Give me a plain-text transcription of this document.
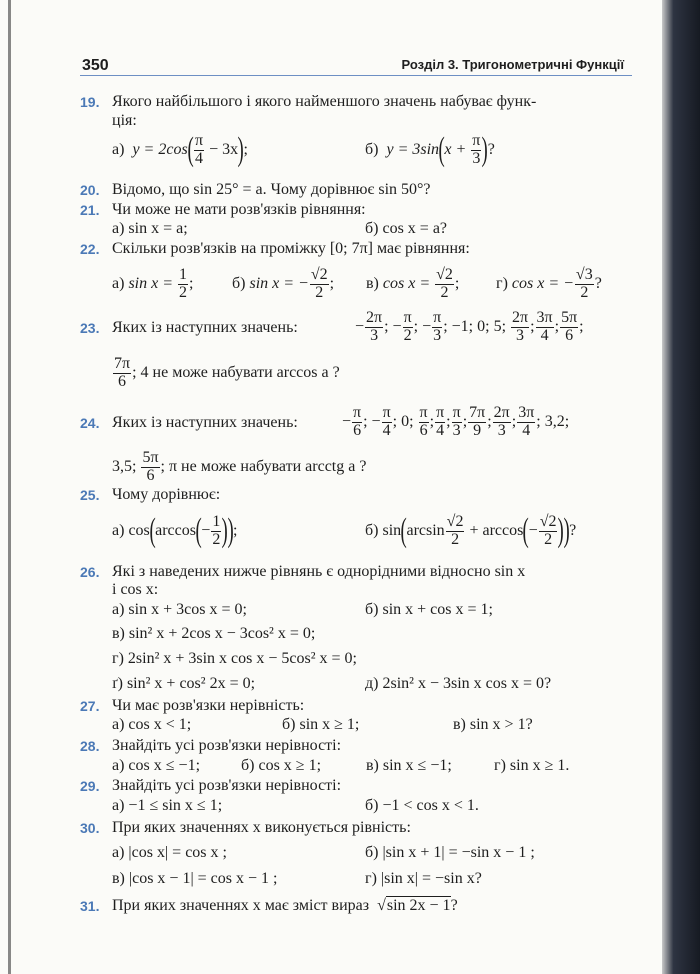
350	Розділ 3. Тригонометричні Функції
19. Якого найбільшого і якого найменшого значень набуває функ-
ція:
а) $y = 2\cos( \frac{\pi}{4} - 3x)$;	б) $y = 3\sin(x + \frac{\pi}{3}$ )?
20. Відомо, що sin 25° = a. Чому дорівнює sin 50°?
21. Чи може не мати розв'язків рівняння:
а) sin x = a;	б) cos x = a?
22. Скільки розв'язків на проміжку [0; 7π] має рівняння:
а) $\sin x = \frac{1}{2}$ ; б) sin x = − $\frac{√2}{2}$ ; в) $\cos x = \frac{√2}{2}$ ; г) cos x = − $\frac{√3}{2}$ ?
23. Яких із наступних значень:	− $\frac{2\pi}{3}$ ; − $\frac{\pi}{2}$ ; − $\frac{\pi}{3}$ ; −1; 0; 5; $\frac{2\pi}{3}$ ; $\frac{3\pi}{4}$ ; $\frac{5\pi}{6}$ ;
$\frac{7\pi}{6}$ ; 4 не може набувати arccos a ?
24. Яких із наступних значень:	− $\frac{\pi}{6}$ ; − $\frac{\pi}{4}$ ; 0; $\frac{\pi}{6}$ ; $\frac{\pi}{4}$ ; $\frac{\pi}{3}$ ; $\frac{7\pi}{9}$ ; $\frac{2\pi}{3}$ ; $\frac{3\pi}{4}$ ; 3,2;
3,5; $\frac{5\pi}{6}$ ; π не може набувати arcctg a ?
25. Чому дорівнює:
а) $\cos(\arccos(- \frac{1}{2}$ ));	б) $\sin(\arcsin \frac{√2}{2} + \arccos(- \frac{√2}{2}$ ))?
26. Які з наведених нижче рівнянь є однорідними відносно sin x
і cos x:
а) sin x + 3cos x = 0;	б) sin x + cos x = 1;
в) sin² x + 2cos x − 3cos² x = 0;
г) 2sin² x + 3sin x cos x − 5cos² x = 0;
ґ) sin² x + cos² 2x = 0;	д) 2sin² x − 3sin x cos x = 0?
27. Чи має розв'язки нерівність:
а) cos x < 1;	б) sin x ≥ 1;	в) sin x > 1?
28. Знайдіть усі розв'язки нерівності:
а) cos x ≤ −1;	б) cos x ≥ 1;	в) sin x ≤ −1;	г) sin x ≥ 1.
29. Знайдіть усі розв'язки нерівності:
а) −1 ≤ sin x ≤ 1;	б) −1 < cos x < 1.
30. При яких значеннях x виконується рівність:
а) |cos x| = cos x ;	б) |sin x + 1| = −sin x − 1 ;
в) |cos x − 1| = cos x − 1 ;	г) |sin x| = −sin x?
31. При яких значеннях x має зміст вираз √sin 2x − 1?
